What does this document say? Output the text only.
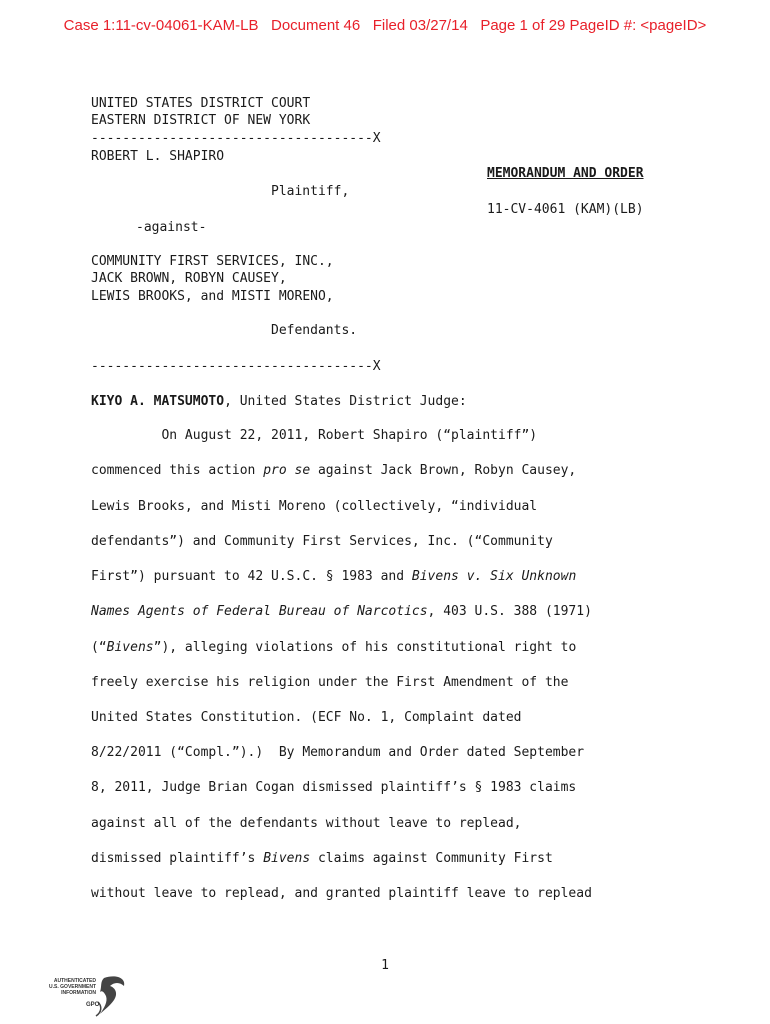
Case 1:11-cv-04061-KAM-LB Document 46 Filed 03/27/14 Page 1 of 29 PageID #: <pageID>
UNITED STATES DISTRICT COURT
EASTERN DISTRICT OF NEW YORK
------------------------------------X
ROBERT L. SHAPIRO
Plaintiff,
-against-
COMMUNITY FIRST SERVICES, INC.,
JACK BROWN, ROBYN CAUSEY,
LEWIS BROOKS, and MISTI MORENO,
Defendants.
------------------------------------X
MEMORANDUM AND ORDER
11-CV-4061 (KAM)(LB)
KIYO A. MATSUMOTO, United States District Judge:
On August 22, 2011, Robert Shapiro (“plaintiff”)
commenced this action pro se against Jack Brown, Robyn Causey,
Lewis Brooks, and Misti Moreno (collectively, “individual
defendants”) and Community First Services, Inc. (“Community
First”) pursuant to 42 U.S.C. § 1983 and Bivens v. Six Unknown
Names Agents of Federal Bureau of Narcotics, 403 U.S. 388 (1971)
(“Bivens”), alleging violations of his constitutional right to
freely exercise his religion under the First Amendment of the
United States Constitution. (ECF No. 1, Complaint dated
8/22/2011 (“Compl.”).)  By Memorandum and Order dated September
8, 2011, Judge Brian Cogan dismissed plaintiff’s § 1983 claims
against all of the defendants without leave to replead,
dismissed plaintiff’s Bivens claims against Community First
without leave to replead, and granted plaintiff leave to replead
1
AUTHENTICATED U.S. GOVERNMENT INFORMATION
GPO
